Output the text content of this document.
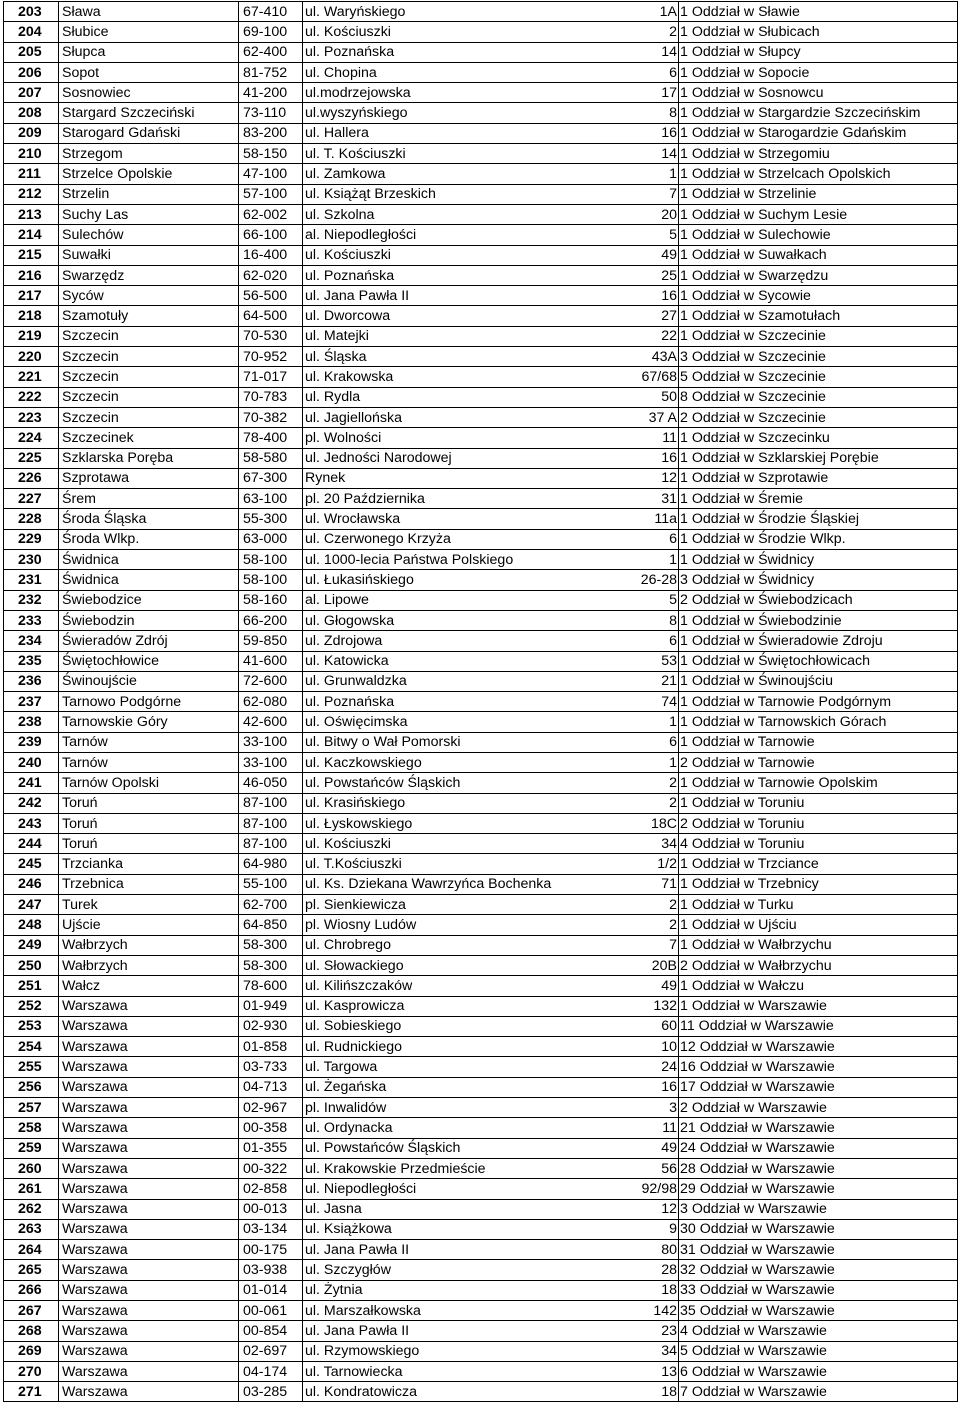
203	Sława	67-410	ul. Waryńskiego	1A	1 Oddział w Sławie
204	Słubice	69-100	ul. Kościuszki	2	1 Oddział w Słubicach
205	Słupca	62-400	ul. Poznańska	14	1 Oddział w Słupcy
206	Sopot	81-752	ul. Chopina	6	1 Oddział w Sopocie
207	Sosnowiec	41-200	ul.modrzejowska	17	1 Oddział w Sosnowcu
208	Stargard Szczeciński	73-110	ul.wyszyńskiego	8	1 Oddział w Stargardzie Szczecińskim
209	Starogard Gdański	83-200	ul. Hallera	16	1 Oddział w Starogardzie Gdańskim
210	Strzegom	58-150	ul. T. Kościuszki	14	1 Oddział w Strzegomiu
211	Strzelce Opolskie	47-100	ul. Zamkowa	1	1 Oddział w Strzelcach Opolskich
212	Strzelin	57-100	ul. Książąt Brzeskich	7	1 Oddział w Strzelinie
213	Suchy Las	62-002	ul. Szkolna	20	1 Oddział w Suchym Lesie
214	Sulechów	66-100	al. Niepodległości	5	1 Oddział w Sulechowie
215	Suwałki	16-400	ul. Kościuszki	49	1 Oddział w Suwałkach
216	Swarzędz	62-020	ul. Poznańska	25	1 Oddział w Swarzędzu
217	Syców	56-500	ul. Jana Pawła II	16	1 Oddział w Sycowie
218	Szamotuły	64-500	ul. Dworcowa	27	1 Oddział w Szamotułach
219	Szczecin	70-530	ul. Matejki	22	1 Oddział w Szczecinie
220	Szczecin	70-952	ul. Śląska	43A	3 Oddział w Szczecinie
221	Szczecin	71-017	ul. Krakowska	67/68	5 Oddział w Szczecinie
222	Szczecin	70-783	ul. Rydla	50	8 Oddział w Szczecinie
223	Szczecin	70-382	ul. Jagiellońska	37 A	2 Oddział w Szczecinie
224	Szczecinek	78-400	pl. Wolności	11	1 Oddział w Szczecinku
225	Szklarska Poręba	58-580	ul. Jedności Narodowej	16	1 Oddział w Szklarskiej Porębie
226	Szprotawa	67-300	Rynek	12	1 Oddział w Szprotawie
227	Śrem	63-100	pl. 20 Października	31	1 Oddział w Śremie
228	Środa Śląska	55-300	ul. Wrocławska	11a	1 Oddział w Środzie Śląskiej
229	Środa Wlkp.	63-000	ul. Czerwonego Krzyża	6	1 Oddział w Środzie Wlkp.
230	Świdnica	58-100	ul. 1000-lecia Państwa Polskiego	1	1 Oddział w Świdnicy
231	Świdnica	58-100	ul. Łukasińskiego	26-28	3 Oddział w Świdnicy
232	Świebodzice	58-160	al. Lipowe	5	2 Oddział w Świebodzicach
233	Świebodzin	66-200	ul. Głogowska	8	1 Oddział w Świebodzinie
234	Świeradów Zdrój	59-850	ul. Zdrojowa	6	1 Oddział w Świeradowie Zdroju
235	Świętochłowice	41-600	ul. Katowicka	53	1 Oddział w Świętochłowicach
236	Świnoujście	72-600	ul. Grunwaldzka	21	1 Oddział w Świnoujściu
237	Tarnowo Podgórne	62-080	ul. Poznańska	74	1 Oddział w Tarnowie Podgórnym
238	Tarnowskie Góry	42-600	ul. Oświęcimska	1	1 Oddział w Tarnowskich Górach
239	Tarnów	33-100	ul. Bitwy o Wał Pomorski	6	1 Oddział w Tarnowie
240	Tarnów	33-100	ul. Kaczkowskiego	1	2 Oddział w Tarnowie
241	Tarnów Opolski	46-050	ul. Powstańców Śląskich	2	1 Oddział w Tarnowie Opolskim
242	Toruń	87-100	ul. Krasińskiego	2	1 Oddział w Toruniu
243	Toruń	87-100	ul. Łyskowskiego	18C	2 Oddział w Toruniu
244	Toruń	87-100	ul. Kościuszki	34	4 Oddział w Toruniu
245	Trzcianka	64-980	ul. T.Kościuszki	1/2	1 Oddział w Trzciance
246	Trzebnica	55-100	ul. Ks. Dziekana Wawrzyńca Bochenka	71	1 Oddział w Trzebnicy
247	Turek	62-700	pl. Sienkiewicza	2	1 Oddział w Turku
248	Ujście	64-850	pl. Wiosny Ludów	2	1 Oddział w Ujściu
249	Wałbrzych	58-300	ul. Chrobrego	7	1 Oddział w Wałbrzychu
250	Wałbrzych	58-300	ul. Słowackiego	20B	2 Oddział w Wałbrzychu
251	Wałcz	78-600	ul. Kilińszczaków	49	1 Oddział w Wałczu
252	Warszawa	01-949	ul. Kasprowicza	132	1 Oddział w Warszawie
253	Warszawa	02-930	ul. Sobieskiego	60	11 Oddział w Warszawie
254	Warszawa	01-858	ul. Rudnickiego	10	12 Oddział w Warszawie
255	Warszawa	03-733	ul. Targowa	24	16 Oddział w Warszawie
256	Warszawa	04-713	ul. Żegańska	16	17 Oddział w Warszawie
257	Warszawa	02-967	pl. Inwalidów	3	2 Oddział w Warszawie
258	Warszawa	00-358	ul. Ordynacka	11	21 Oddział w Warszawie
259	Warszawa	01-355	ul. Powstańców Śląskich	49	24 Oddział w Warszawie
260	Warszawa	00-322	ul. Krakowskie Przedmieście	56	28 Oddział w Warszawie
261	Warszawa	02-858	ul. Niepodległości	92/98	29 Oddział w Warszawie
262	Warszawa	00-013	ul. Jasna	12	3 Oddział w Warszawie
263	Warszawa	03-134	ul. Książkowa	9	30 Oddział w Warszawie
264	Warszawa	00-175	ul. Jana Pawła II	80	31 Oddział w Warszawie
265	Warszawa	03-938	ul. Szczygłów	28	32 Oddział w Warszawie
266	Warszawa	01-014	ul. Żytnia	18	33 Oddział w Warszawie
267	Warszawa	00-061	ul. Marszałkowska	142	35 Oddział w Warszawie
268	Warszawa	00-854	ul. Jana Pawła II	23	4 Oddział w Warszawie
269	Warszawa	02-697	ul. Rzymowskiego	34	5 Oddział w Warszawie
270	Warszawa	04-174	ul. Tarnowiecka	13	6 Oddział w Warszawie
271	Warszawa	03-285	ul. Kondratowicza	18	7 Oddział w Warszawie
